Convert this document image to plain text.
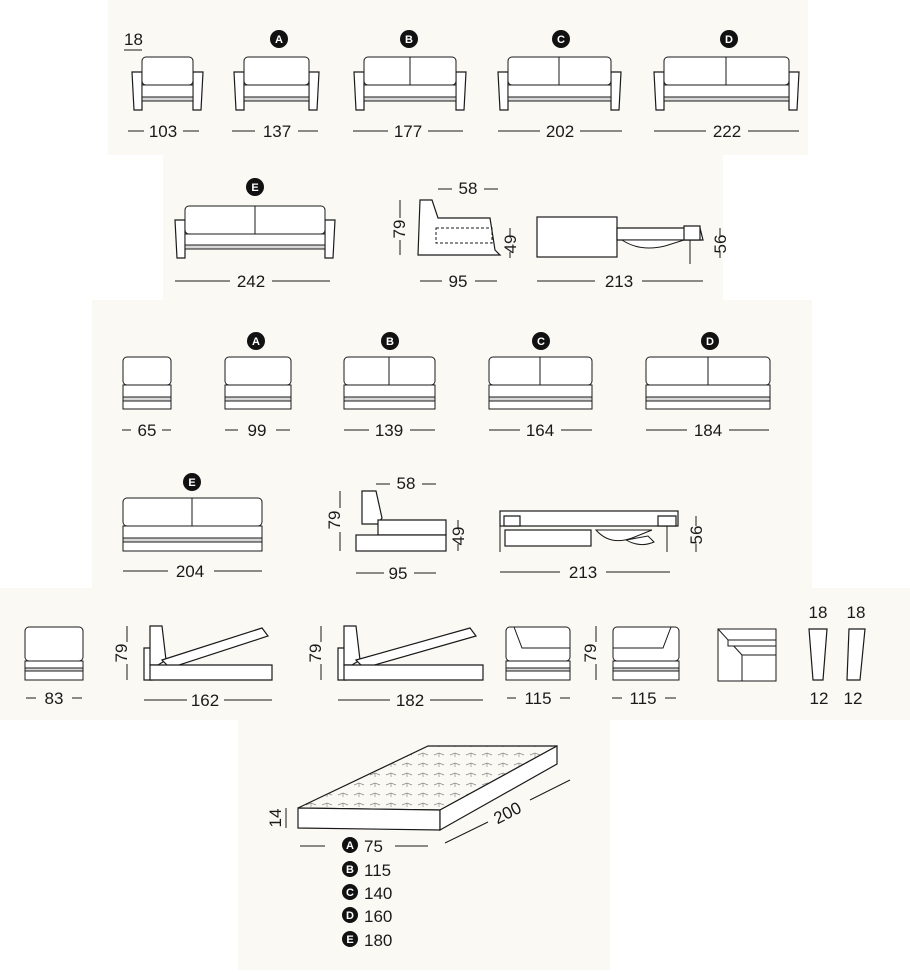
18	A	B	C	D
103	137	177	202	222
E
242
58
79
49
95
56
213
A	B	C	D
65	99	139	164	184
E
204
58
79
49
95
56
213
83
79
162
79
182	115
79
115
18
12
18
12
14	200
A 75
B 115
C 140
D 160
E 180
